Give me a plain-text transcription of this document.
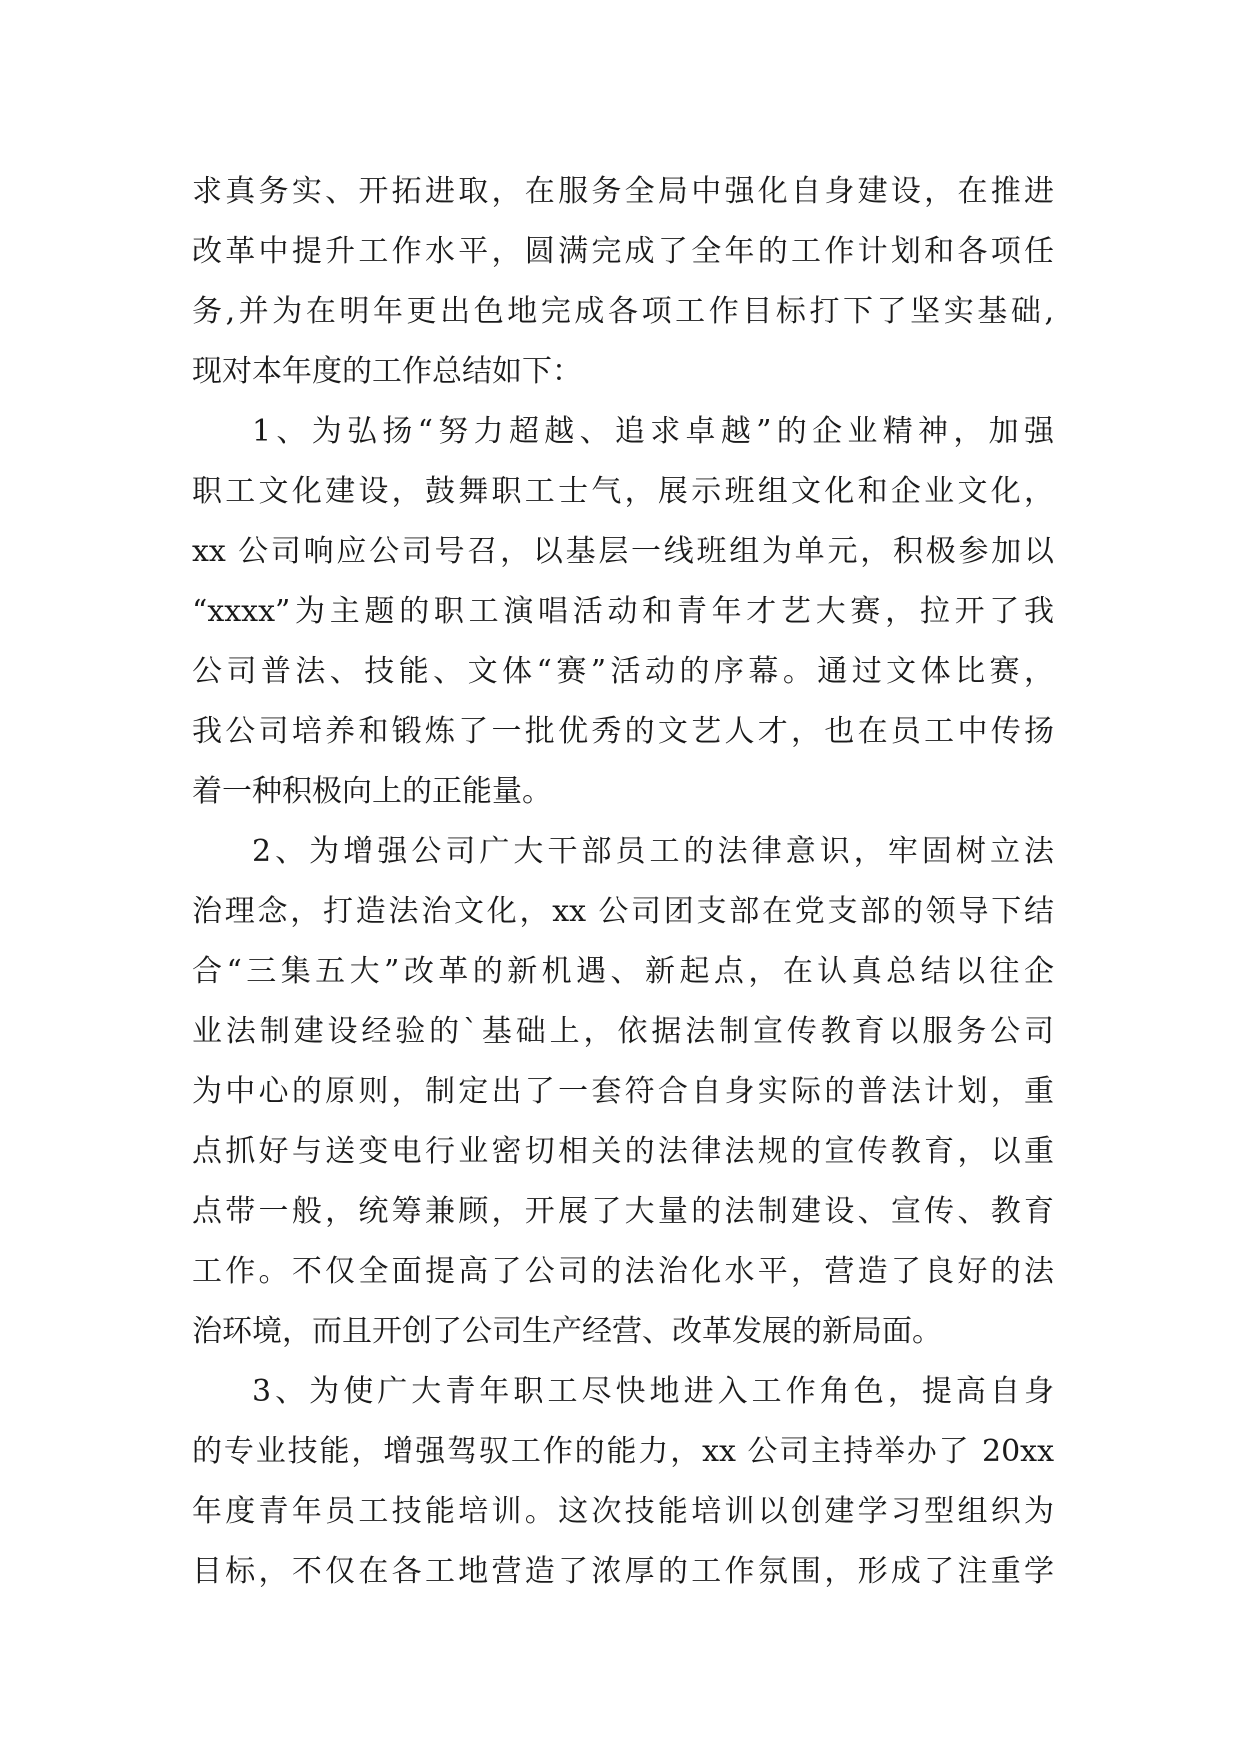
求真务实、开拓进取，在服务全局中强化自身建设，在推进
改革中提升工作水平，圆满完成了全年的工作计划和各项任
务,并为在明年更出色地完成各项工作目标打下了坚实基础,
现对本年度的工作总结如下：
1、为弘扬“努力超越、追求卓越”的企业精神，加强
职工文化建设，鼓舞职工士气，展示班组文化和企业文化，
xx 公司响应公司号召，以基层一线班组为单元，积极参加以
“xxxx”为主题的职工演唱活动和青年才艺大赛，拉开了我
公司普法、技能、文体“赛”活动的序幕。通过文体比赛，
我公司培养和锻炼了一批优秀的文艺人才，也在员工中传扬
着一种积极向上的正能量。
2、为增强公司广大干部员工的法律意识，牢固树立法
治理念，打造法治文化，xx 公司团支部在党支部的领导下结
合“三集五大”改革的新机遇、新起点，在认真总结以往企
业法制建设经验的`基础上，依据法制宣传教育以服务公司
为中心的原则，制定出了一套符合自身实际的普法计划，重
点抓好与送变电行业密切相关的法律法规的宣传教育，以重
点带一般，统筹兼顾，开展了大量的法制建设、宣传、教育
工作。不仅全面提高了公司的法治化水平，营造了良好的法
治环境，而且开创了公司生产经营、改革发展的新局面。
3、为使广大青年职工尽快地进入工作角色，提高自身
的专业技能，增强驾驭工作的能力，xx 公司主持举办了 20xx
年度青年员工技能培训。这次技能培训以创建学习型组织为
目标，不仅在各工地营造了浓厚的工作氛围，形成了注重学
